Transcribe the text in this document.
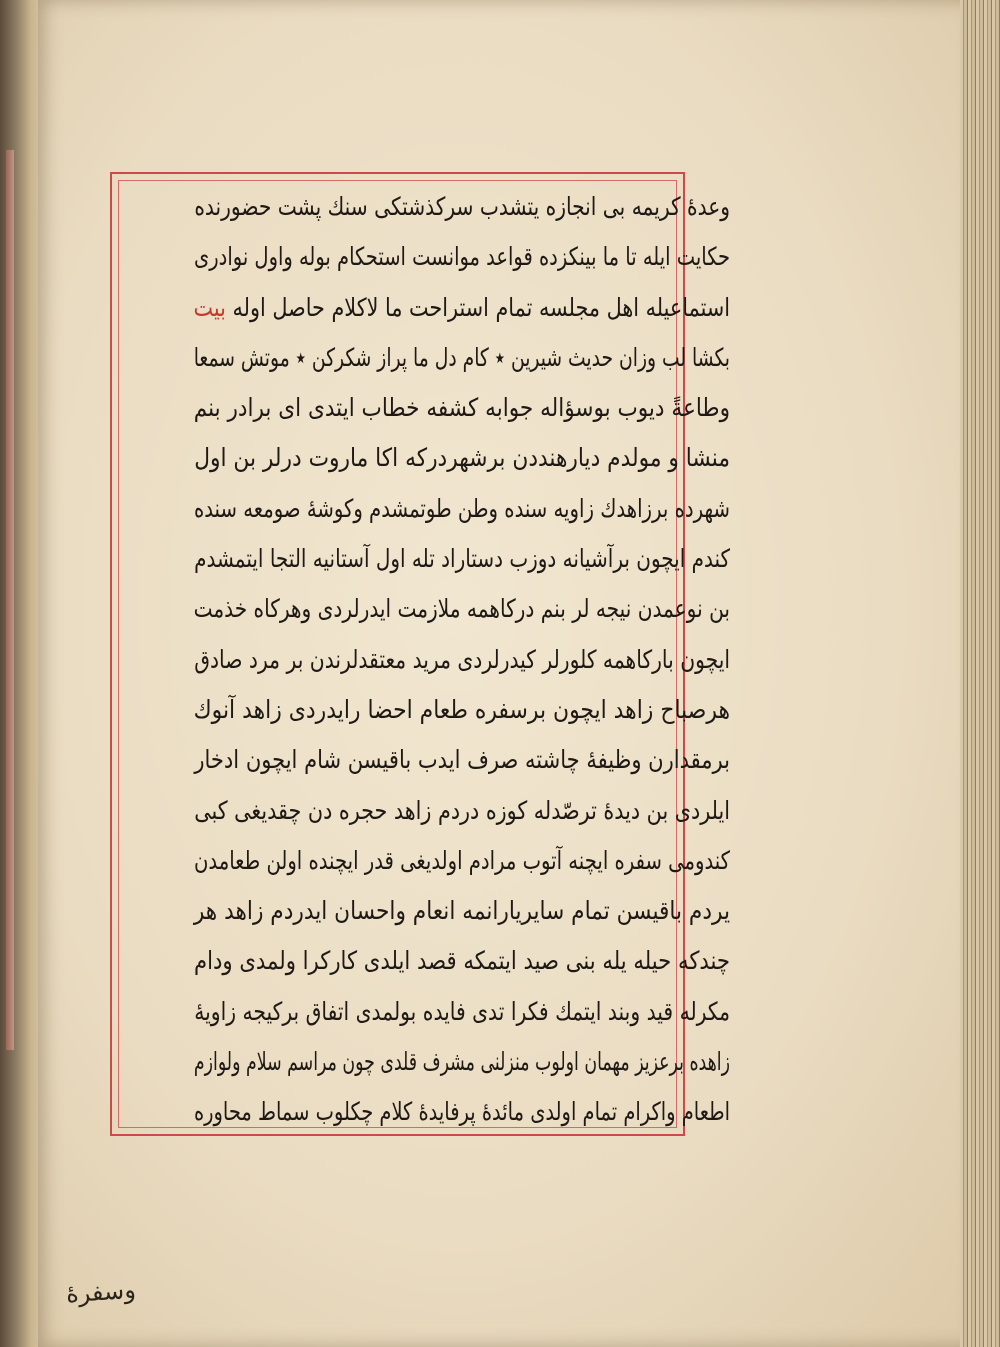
وعدهٔ کریمه بی انجازه یتشدب سرکذشتکی سنك پشت حضورنده
حکایت ایله تا ما بینکزده قواعد موانست استحکام بوله واول نوادری
استماعیله اهل مجلسه تمام استراحت ما لاکلام حاصل اوله بیت
بکشا لب وزان حدیث شیرین ٭ کام دل ما پراز شکرکن ٭ موتش سمعا
وطاعةً دیوب بوسؤاله جوابه کشفه خطاب ایتدی ای برادر بنم
منشا و مولدم دیارهنددن برشهردرکه اکا ماروت درلر بن اول
شهرده برزاهدك زاویه سنده وطن طوتمشدم وکوشهٔ صومعه سنده
کندم ایچون برآشیانه دوزب دستاراد تله اول آستانیه التجا ایتمشدم
بن نوعمدن نیجه لر بنم درکاهمه ملازمت ایدرلردی وهرکاه خذمت
ایچون بارکاهمه کلورلر کیدرلردی مرید معتقدلرندن بر مرد صادق
هرصباح زاهد ایچون برسفره طعام احضا رایدردی زاهد آنوك
برمقدارن وظیفهٔ چاشته صرف ایدب باقیسن شام ایچون ادخار
ایلردی بن دیدهٔ ترصّدله کوزه دردم زاهد حجره دن چقدیغی کبی
کندومی سفره ایچنه آتوب مرادم اولدیغی قدر ایچنده اولن طعامدن
یردم باقیسن تمام سایریارانمه انعام واحسان ایدردم زاهد هر
چندکه حیله یله بنی صید ایتمکه قصد ایلدی کارکرا ولمدی ودام
مکرله قید وبند ایتمك فکرا تدی فایده بولمدی اتفاق برکیجه زاویهٔ
زاهده برعزیز مهمان اولوب منزلنی مشرف قلدی چون مراسم سلام ولوازم
اطعام واکرام تمام اولدی مائدهٔ پرفایدهٔ کلام چکلوب سماط محاوره
وسفرهٔ
